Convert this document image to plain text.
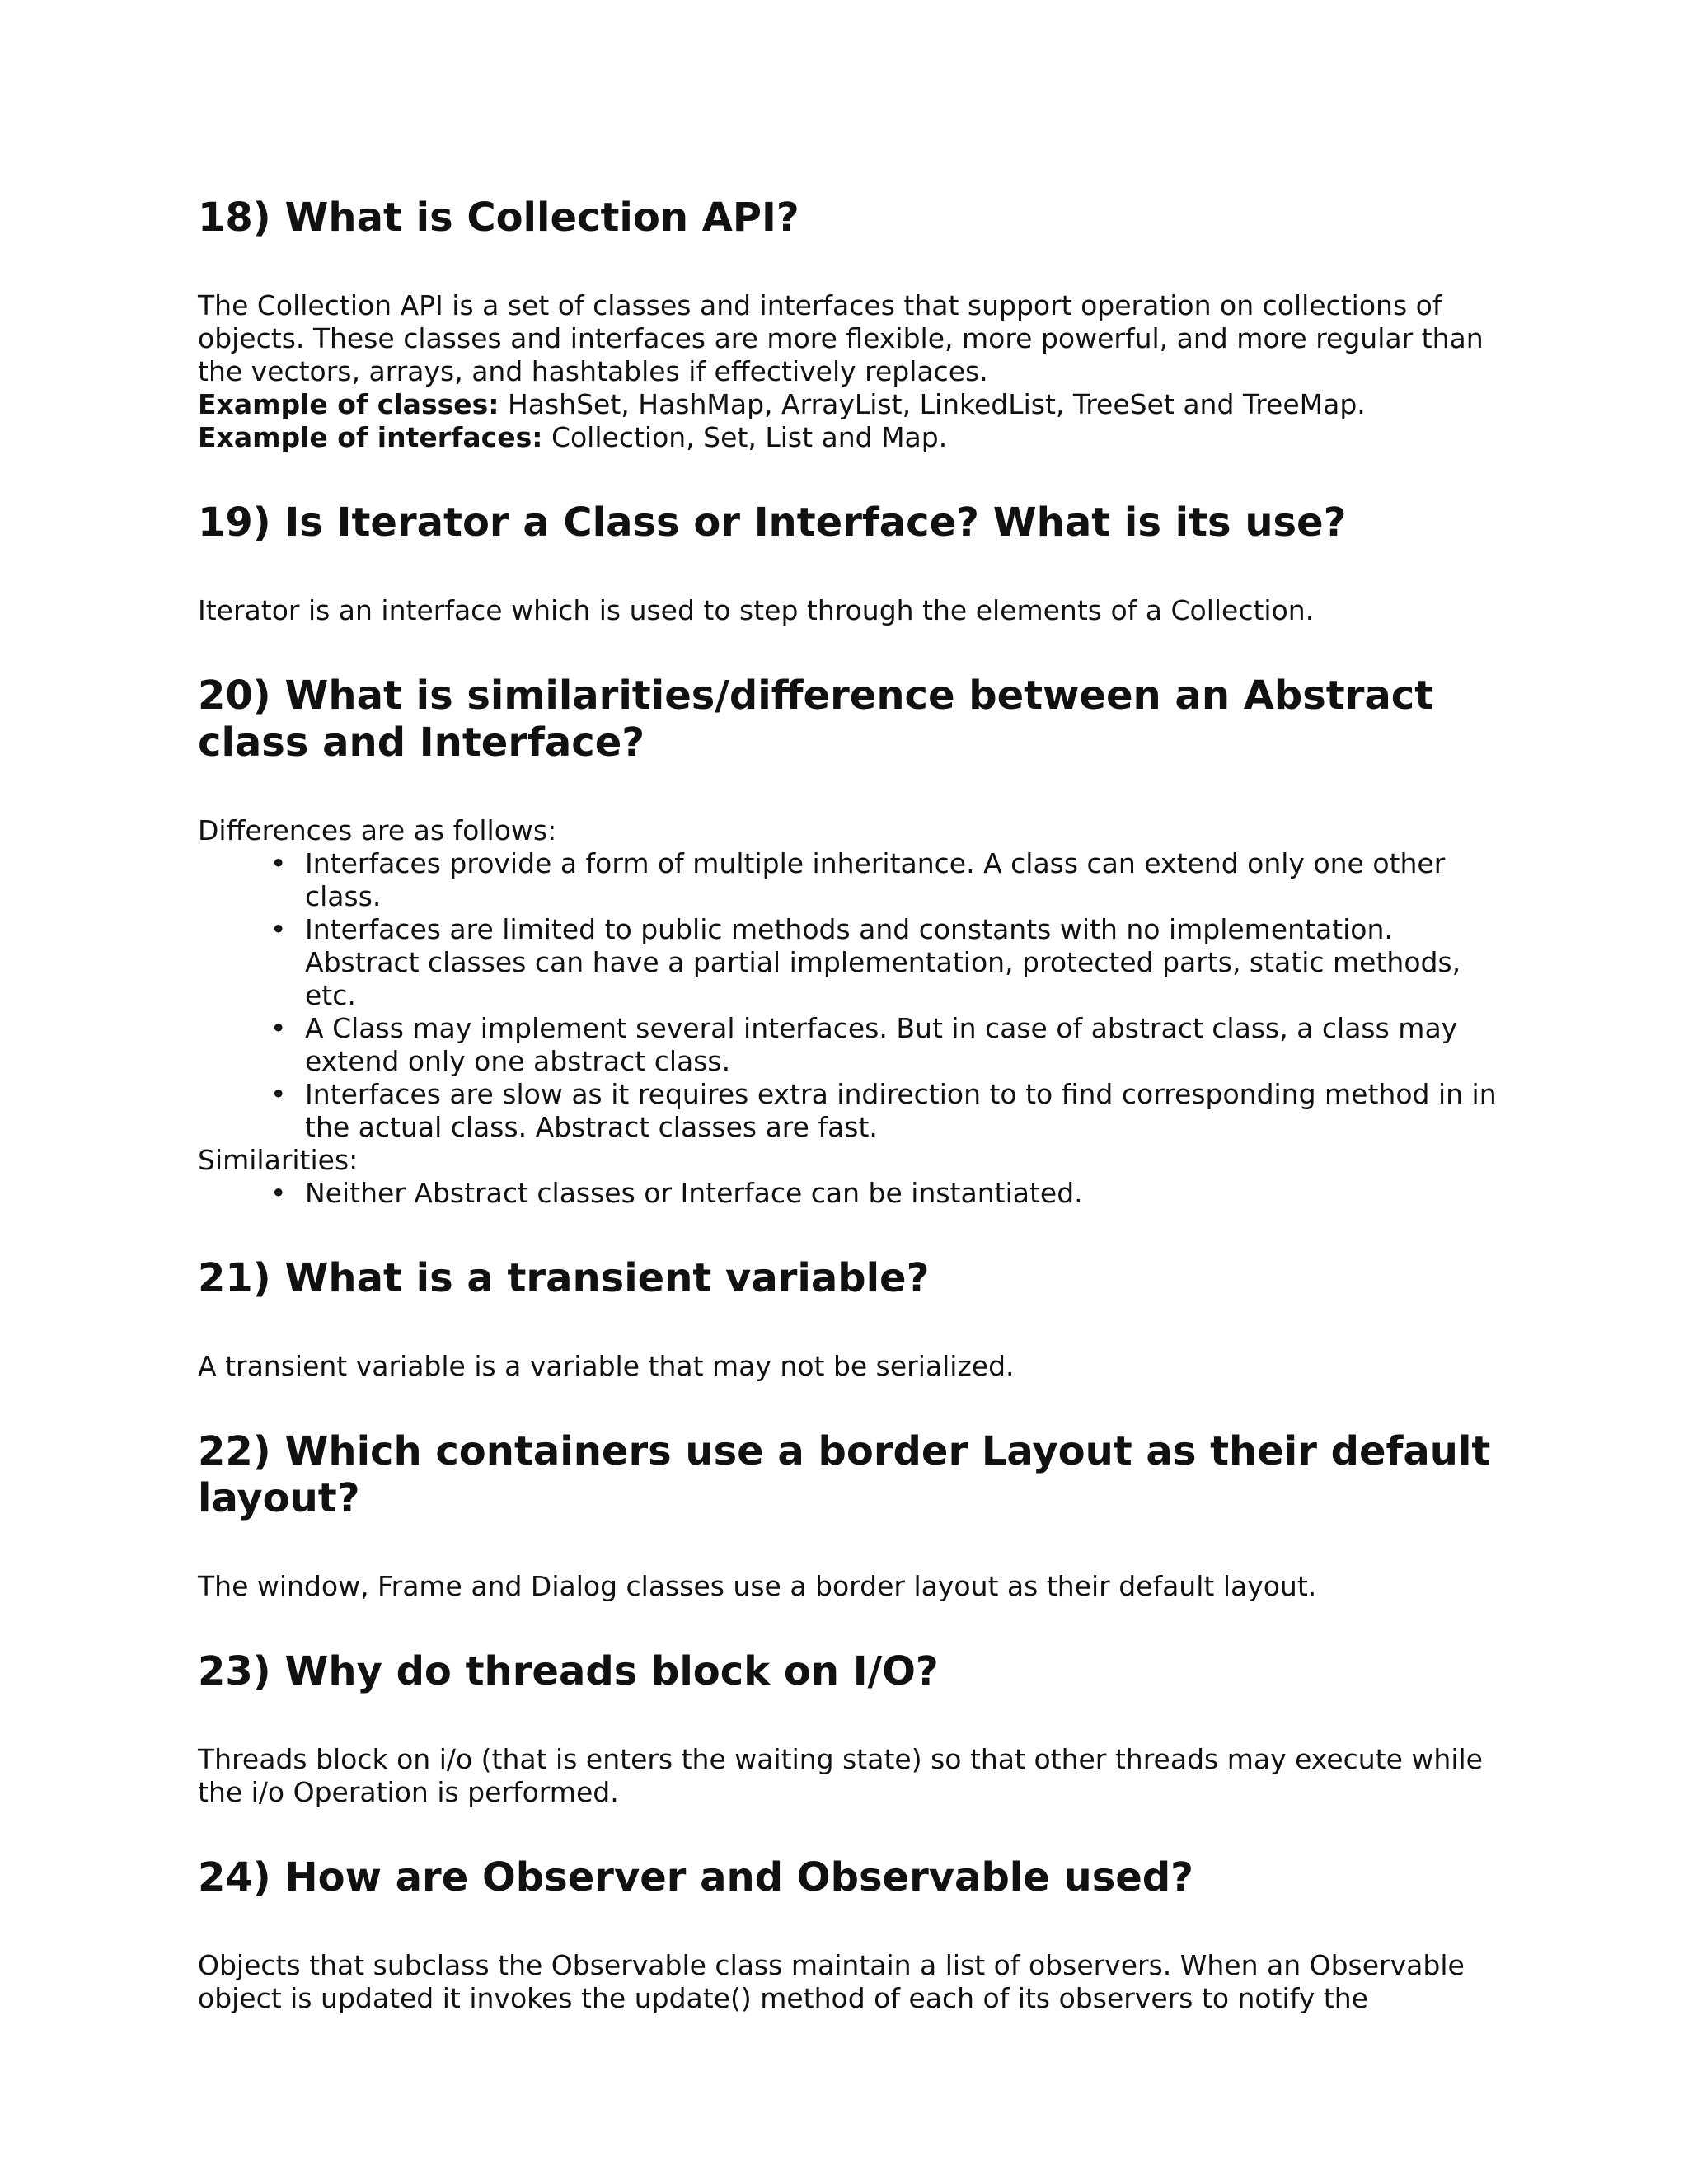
18) What is Collection API?

The Collection API is a set of classes and interfaces that support operation on collections of objects. These classes and interfaces are more flexible, more powerful, and more regular than the vectors, arrays, and hashtables if effectively replaces.

Example of classes: HashSet, HashMap, ArrayList, LinkedList, TreeSet and TreeMap.

Example of interfaces: Collection, Set, List and Map.

19) Is Iterator a Class or Interface? What is its use?

Iterator is an interface which is used to step through the elements of a Collection.

20) What is similarities/difference between an Abstract class and Interface?

Differences are as follows:

• Interfaces provide a form of multiple inheritance. A class can extend only one other class.
• Interfaces are limited to public methods and constants with no implementation. Abstract classes can have a partial implementation, protected parts, static methods, etc.
• A Class may implement several interfaces. But in case of abstract class, a class may extend only one abstract class.
• Interfaces are slow as it requires extra indirection to to find corresponding method in in the actual class. Abstract classes are fast.

Similarities:

• Neither Abstract classes or Interface can be instantiated.
21) What is a transient variable?

A transient variable is a variable that may not be serialized.

22) Which containers use a border Layout as their default layout?

The window, Frame and Dialog classes use a border layout as their default layout.

23) Why do threads block on I/O?

Threads block on i/o (that is enters the waiting state) so that other threads may execute while the i/o Operation is performed.

24) How are Observer and Observable used?

Objects that subclass the Observable class maintain a list of observers. When an Observable object is updated it invokes the update() method of each of its observers to notify the
